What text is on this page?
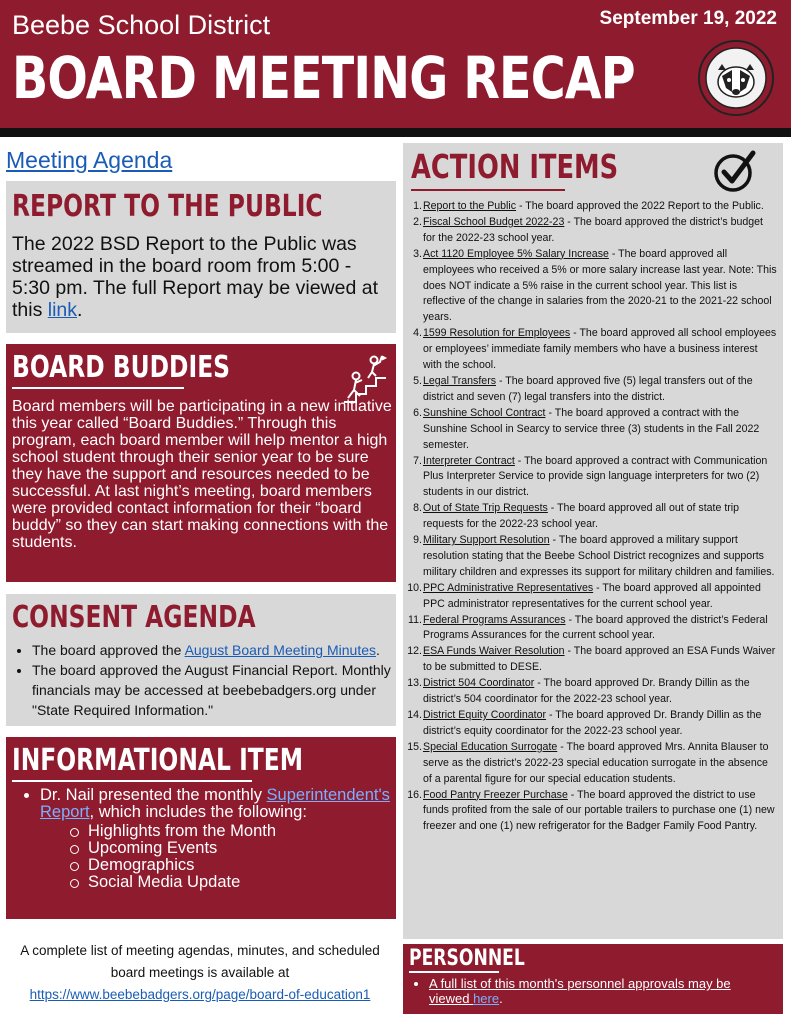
Beebe School District
BOARD MEETING RECAP
September 19, 2022
Meeting Agenda
REPORT TO THE PUBLIC
The 2022 BSD Report to the Public was streamed in the board room from 5:00 - 5:30 pm. The full Report may be viewed at this link.
BOARD BUDDIES
Board members will be participating in a new initiative this year called “Board Buddies.” Through this program, each board member will help mentor a high school student through their senior year to be sure they have the support and resources needed to be successful. At last night’s meeting, board members were provided contact information for their “board buddy” so they can start making connections with the students.
CONSENT AGENDA
• The board approved the August Board Meeting Minutes.
• The board approved the August Financial Report. Monthly financials may be accessed at beebebadgers.org under "State Required Information."
INFORMATIONAL ITEM
• Dr. Nail presented the monthly Superintendent's Report, which includes the following:
Highlights from the Month
Upcoming Events
Demographics
Social Media Update
A complete list of meeting agendas, minutes, and scheduled
board meetings is available at
https://www.beebebadgers.org/page/board-of-education1
ACTION ITEMS
1. Report to the Public - The board approved the 2022 Report to the Public.
2. Fiscal School Budget 2022-23 - The board approved the district’s budget for the 2022-23 school year.
3. Act 1120 Employee 5% Salary Increase - The board approved all employees who received a 5% or more salary increase last year. Note: This does NOT indicate a 5% raise in the current school year. This list is reflective of the change in salaries from the 2020-21 to the 2021-22 school years.
4. 1599 Resolution for Employees - The board approved all school employees or employees’ immediate family members who have a business interest with the school.
5. Legal Transfers - The board approved five (5) legal transfers out of the district and seven (7) legal transfers into the district.
6. Sunshine School Contract - The board approved a contract with the Sunshine School in Searcy to service three (3) students in the Fall 2022 semester.
7. Interpreter Contract - The board approved a contract with Communication Plus Interpreter Service to provide sign language interpreters for two (2) students in our district.
8. Out of State Trip Requests - The board approved all out of state trip requests for the 2022-23 school year.
9. Military Support Resolution - The board approved a military support resolution stating that the Beebe School District recognizes and supports military children and expresses its support for military children and families.
10. PPC Administrative Representatives - The board approved all appointed PPC administrator representatives for the current school year.
11. Federal Programs Assurances - The board approved the district’s Federal Programs Assurances for the current school year.
12. ESA Funds Waiver Resolution - The board approved an ESA Funds Waiver to be submitted to DESE.
13. District 504 Coordinator - The board approved Dr. Brandy Dillin as the district’s 504 coordinator for the 2022-23 school year.
14. District Equity Coordinator - The board approved Dr. Brandy Dillin as the district’s equity coordinator for the 2022-23 school year.
15. Special Education Surrogate - The board approved Mrs. Annita Blauser to serve as the district’s 2022-23 special education surrogate in the absence of a parental figure for our special education students.
16. Food Pantry Freezer Purchase - The board approved the district to use funds profited from the sale of our portable trailers to purchase one (1) new freezer and one (1) new refrigerator for the Badger Family Food Pantry.
PERSONNEL
• A full list of this month's personnel approvals may be viewed here.
